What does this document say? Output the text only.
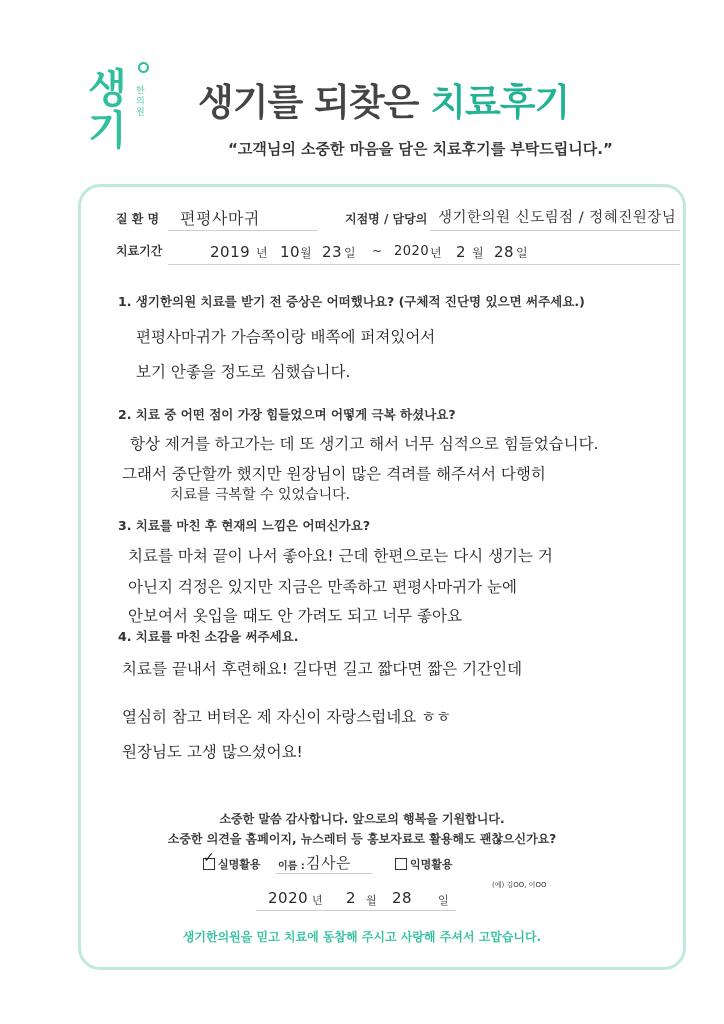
생기
한의원 생기를 되찾은 치료후기
“고객님의 소중한 마음을 담은 치료후기를 부탁드립니다.”
질 환 명 편평사마귀	지점명 / 담당의 생기한의원 신도림점 / 정혜진원장님
치료기간	2019 년 10 월 23 일 ~ 2020 년 2 월 28 일
1. 생기한의원 치료를 받기 전 증상은 어떠했나요? (구체적 진단명 있으면 써주세요.)
편평사마귀가 가슴쪽이랑 배쪽에 퍼져있어서
보기 안좋을 정도로 심했습니다.
2. 치료 중 어떤 점이 가장 힘들었으며 어떻게 극복 하셨나요?
항상 제거를 하고가는 데 또 생기고 해서 너무 심적으로 힘들었습니다.
그래서 중단할까 했지만 원장님이 많은 격려를 해주셔서 다행히
치료를 극복할 수 있었습니다.
3. 치료를 마친 후 현재의 느낌은 어떠신가요?
치료를 마쳐 끝이 나서 좋아요! 근데 한편으로는 다시 생기는 거
아닌지 걱정은 있지만 지금은 만족하고 편평사마귀가 눈에
안보여서 옷입을 때도 안 가려도 되고 너무 좋아요
4. 치료를 마친 소감을 써주세요.
치료를 끝내서 후련해요! 길다면 길고 짧다면 짧은 기간인데
열심히 참고 버텨온 제 자신이 자랑스럽네요 ㅎㅎ
원장님도 고생 많으셨어요!
소중한 말씀 감사합니다. 앞으로의 행복을 기원합니다.
소중한 의견을 홈페이지, 뉴스레터 등 홍보자료로 활용해도 괜찮으신가요?
✓
실명활용 이름 : 김사은	익명활용
(예) 김OO, 이OO
2020 년 2 월 28 일
생기한의원을 믿고 치료에 동참해 주시고 사랑해 주셔서 고맙습니다.
